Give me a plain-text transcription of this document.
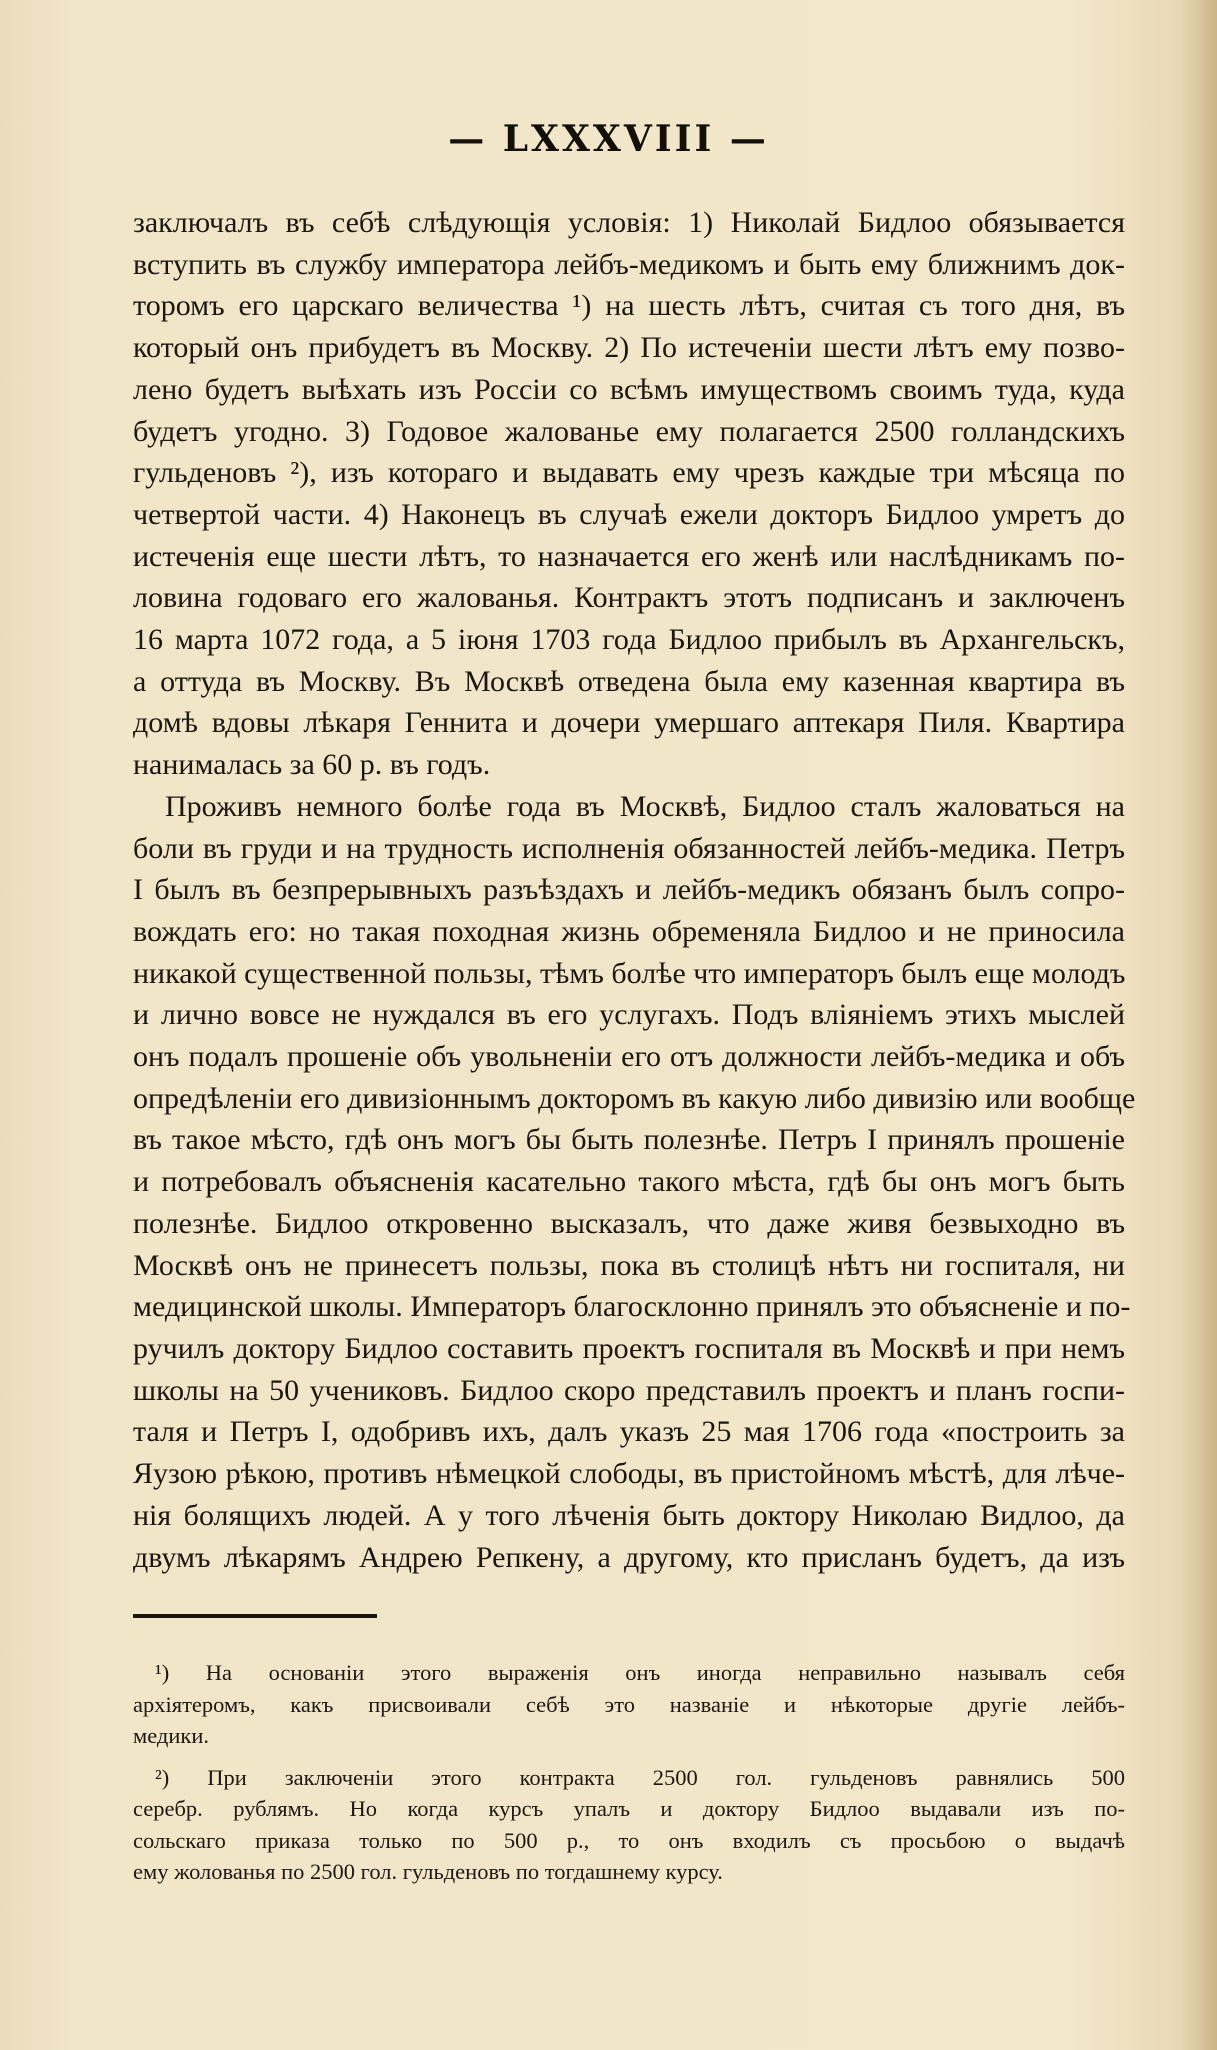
— LXXXVIII —
заключалъ въ себѣ слѣдующія условія: 1) Николай Бидлоо обязывается
вступить въ службу императора лейбъ-медикомъ и быть ему ближнимъ док-
торомъ его царскаго величества ¹) на шесть лѣтъ, считая съ того дня, въ
который онъ прибудетъ въ Москву. 2) По истеченіи шести лѣтъ ему позво-
лено будетъ выѣхать изъ Россіи со всѣмъ имуществомъ своимъ туда, куда
будетъ угодно. 3) Годовое жалованье ему полагается 2500 голландскихъ
гульденовъ ²), изъ котораго и выдавать ему чрезъ каждые три мѣсяца по
четвертой части. 4) Наконецъ въ случаѣ ежели докторъ Бидлоо умретъ до
истеченія еще шести лѣтъ, то назначается его женѣ или наслѣдникамъ по-
ловина годоваго его жалованья. Контрактъ этотъ подписанъ и заключенъ
16 марта 1072 года, а 5 іюня 1703 года Бидлоо прибылъ въ Архангельскъ,
а оттуда въ Москву. Въ Москвѣ отведена была ему казенная квартира въ
домѣ вдовы лѣкаря Геннита и дочери умершаго аптекаря Пиля. Квартира
нанималась за 60 р. въ годъ.
Проживъ немного болѣе года въ Москвѣ, Бидлоо сталъ жаловаться на
боли въ груди и на трудность исполненія обязанностей лейбъ-медика. Петръ
I былъ въ безпрерывныхъ разъѣздахъ и лейбъ-медикъ обязанъ былъ сопро-
вождать его: но такая походная жизнь обременяла Бидлоо и не приносила
никакой существенной пользы, тѣмъ болѣе что императоръ былъ еще молодъ
и лично вовсе не нуждался въ его услугахъ. Подъ вліяніемъ этихъ мыслей
онъ подалъ прошеніе объ увольненіи его отъ должности лейбъ-медика и объ
опредѣленіи его дивизіоннымъ докторомъ въ какую либо дивизію или вообще
въ такое мѣсто, гдѣ онъ могъ бы быть полезнѣе. Петръ I принялъ прошеніе
и потребовалъ объясненія касательно такого мѣста, гдѣ бы онъ могъ быть
полезнѣе. Бидлоо откровенно высказалъ, что даже живя безвыходно въ
Москвѣ онъ не принесетъ пользы, пока въ столицѣ нѣтъ ни госпиталя, ни
медицинской школы. Императоръ благосклонно принялъ это объясненіе и по-
ручилъ доктору Бидлоо составить проектъ госпиталя въ Москвѣ и при немъ
школы на 50 учениковъ. Бидлоо скоро представилъ проектъ и планъ госпи-
таля и Петръ I, одобривъ ихъ, далъ указъ 25 мая 1706 года «построить за
Яузою рѣкою, противъ нѣмецкой слободы, въ пристойномъ мѣстѣ, для лѣче-
нія болящихъ людей. А у того лѣченія быть доктору Николаю Видлоо, да
двумъ лѣкарямъ Андрею Репкену, а другому, кто присланъ будетъ, да изъ
¹) На основаніи этого выраженія онъ иногда неправильно называлъ себя
архіятеромъ, какъ присвоивали себѣ это названіе и нѣкоторые другіе лейбъ-
медики.
²) При заключеніи этого контракта 2500 гол. гульденовъ равнялись 500
серебр. рублямъ. Но когда курсъ упалъ и доктору Бидлоо выдавали изъ по-
сольскаго приказа только по 500 р., то онъ входилъ съ просьбою о выдачѣ
ему жолованья по 2500 гол. гульденовъ по тогдашнему курсу.
